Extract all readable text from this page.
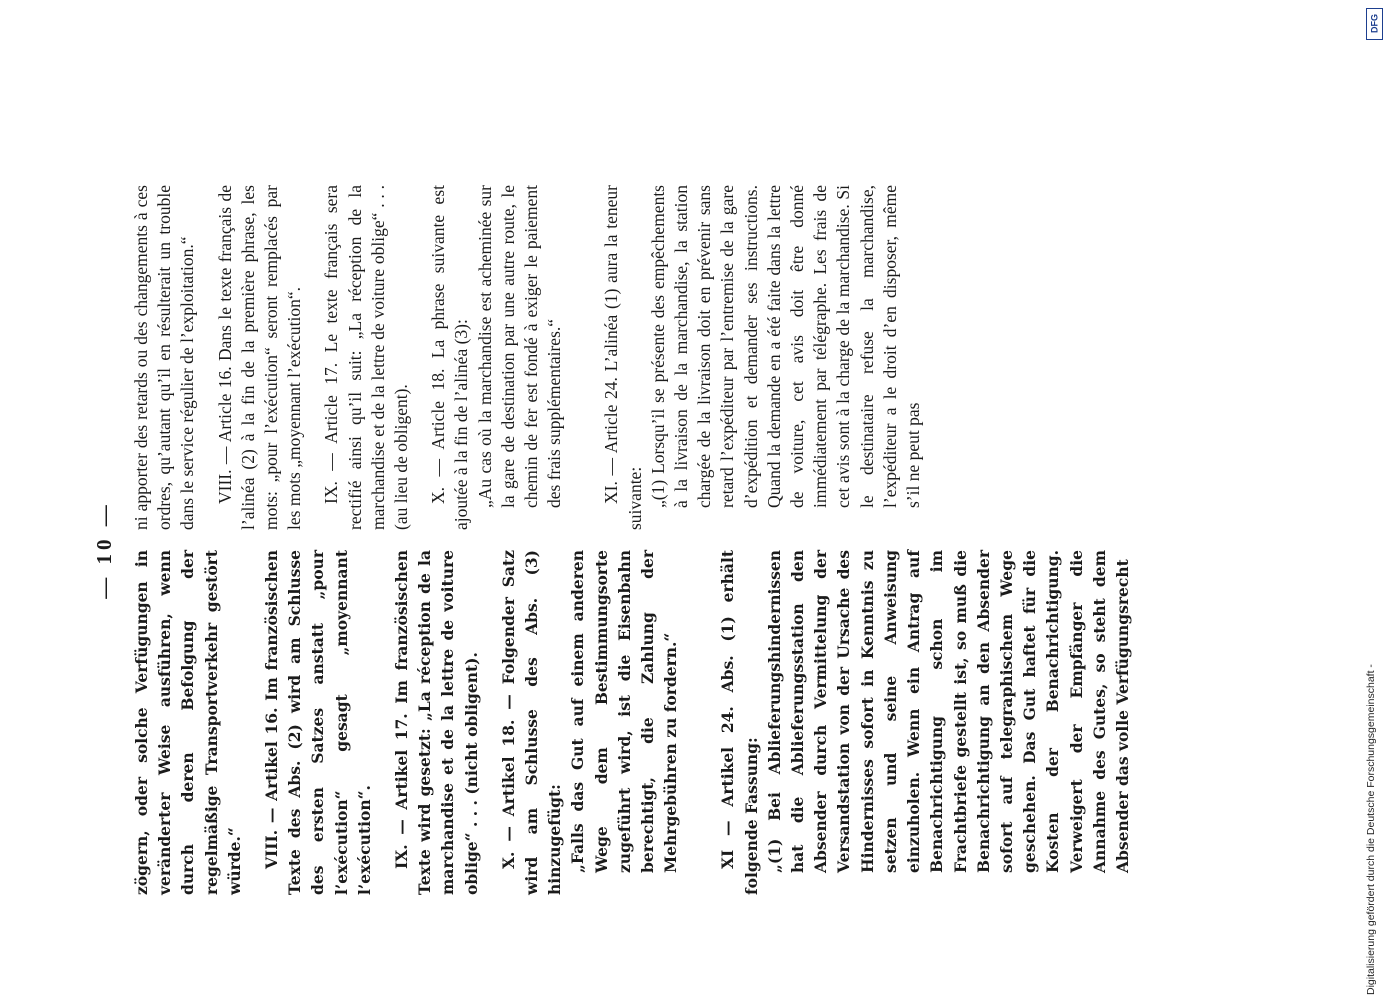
— 10 — zögern, oder solche Verfügungen in veränderter Weise ausführen, wenn durch deren Befolgung der regelmäßige Transportverkehr gestört würde.“ VIII. — Artikel 16. Im französischen Texte des Abs. (2) wird am Schlusse des ersten Satzes anstatt „pour l’exécution“ gesagt „moyennant l’exécution“. IX. — Artikel 17. Im französischen Texte wird gesetzt: „La réception de la marchandise et de la lettre de voiture oblige“ . . . (nicht obligent). X. — Artikel 18. — Folgender Satz wird am Schlusse des Abs. (3) hinzugefügt: „Falls das Gut auf einem anderen Wege dem Bestimmungsorte zugeführt wird, ist die Eisenbahn berechtigt, die Zahlung der Mehrgebühren zu fordern.“ XI — Artikel 24. Abs. (1) erhält folgende Fassung: „(1) Bei Ablieferungshindernissen hat die Ablieferungsstation den Absender durch Vermittelung der Versandstation von der Ursache des Hindernisses sofort in Kenntnis zu setzen und seine Anweisung einzuholen. Wenn ein Antrag auf Benachrichtigung schon im Frachtbriefe gestellt ist, so muß die Benachrichtigung an den Absender sofort auf telegraphischem Wege geschehen. Das Gut haftet für die Kosten der Benachrichtigung. Verweigert der Empfänger die Annahme des Gutes, so steht dem Absender das volle Verfügungsrecht

ni apporter des retards ou des changements à ces ordres, qu’autant qu’il en résulterait un trouble dans le service régulier de l’exploitation.“ VIII. — Article 16. Dans le texte français de l’alinéa (2) à la fin de la première phrase, les mots: „pour l’exécution“ seront remplacés par les mots „moyennant l’exécution“. IX. — Article 17. Le texte français sera rectifié ainsi qu’il suit: „La réception de la marchandise et de la lettre de voiture oblige“ . . . (au lieu de obligent). X. — Article 18. La phrase suivante est ajoutée à la fin de l’alinéa (3): „Au cas où la marchandise est acheminée sur la gare de destination par une autre route, le chemin de fer est fondé à exiger le paiement des frais supplémentaires.“ XI. — Article 24. L’alinéa (1) aura la teneur suivante: „(1) Lorsqu’il se présente des empêchements à la livraison de la marchandise, la station chargée de la livraison doit en prévenir sans retard l’expéditeur par l’entremise de la gare d’expédition et demander ses instructions. Quand la demande en a été faite dans la lettre de voiture, cet avis doit être donné immédiatement par télégraphe. Les frais de cet avis sont à la charge de la marchandise. Si le destinataire refuse la marchandise, l’expéditeur a le droit d’en disposer, même s’il ne peut pas

DFG
Digitalisierung gefördert durch die Deutsche Forschungsgemeinschaft -
